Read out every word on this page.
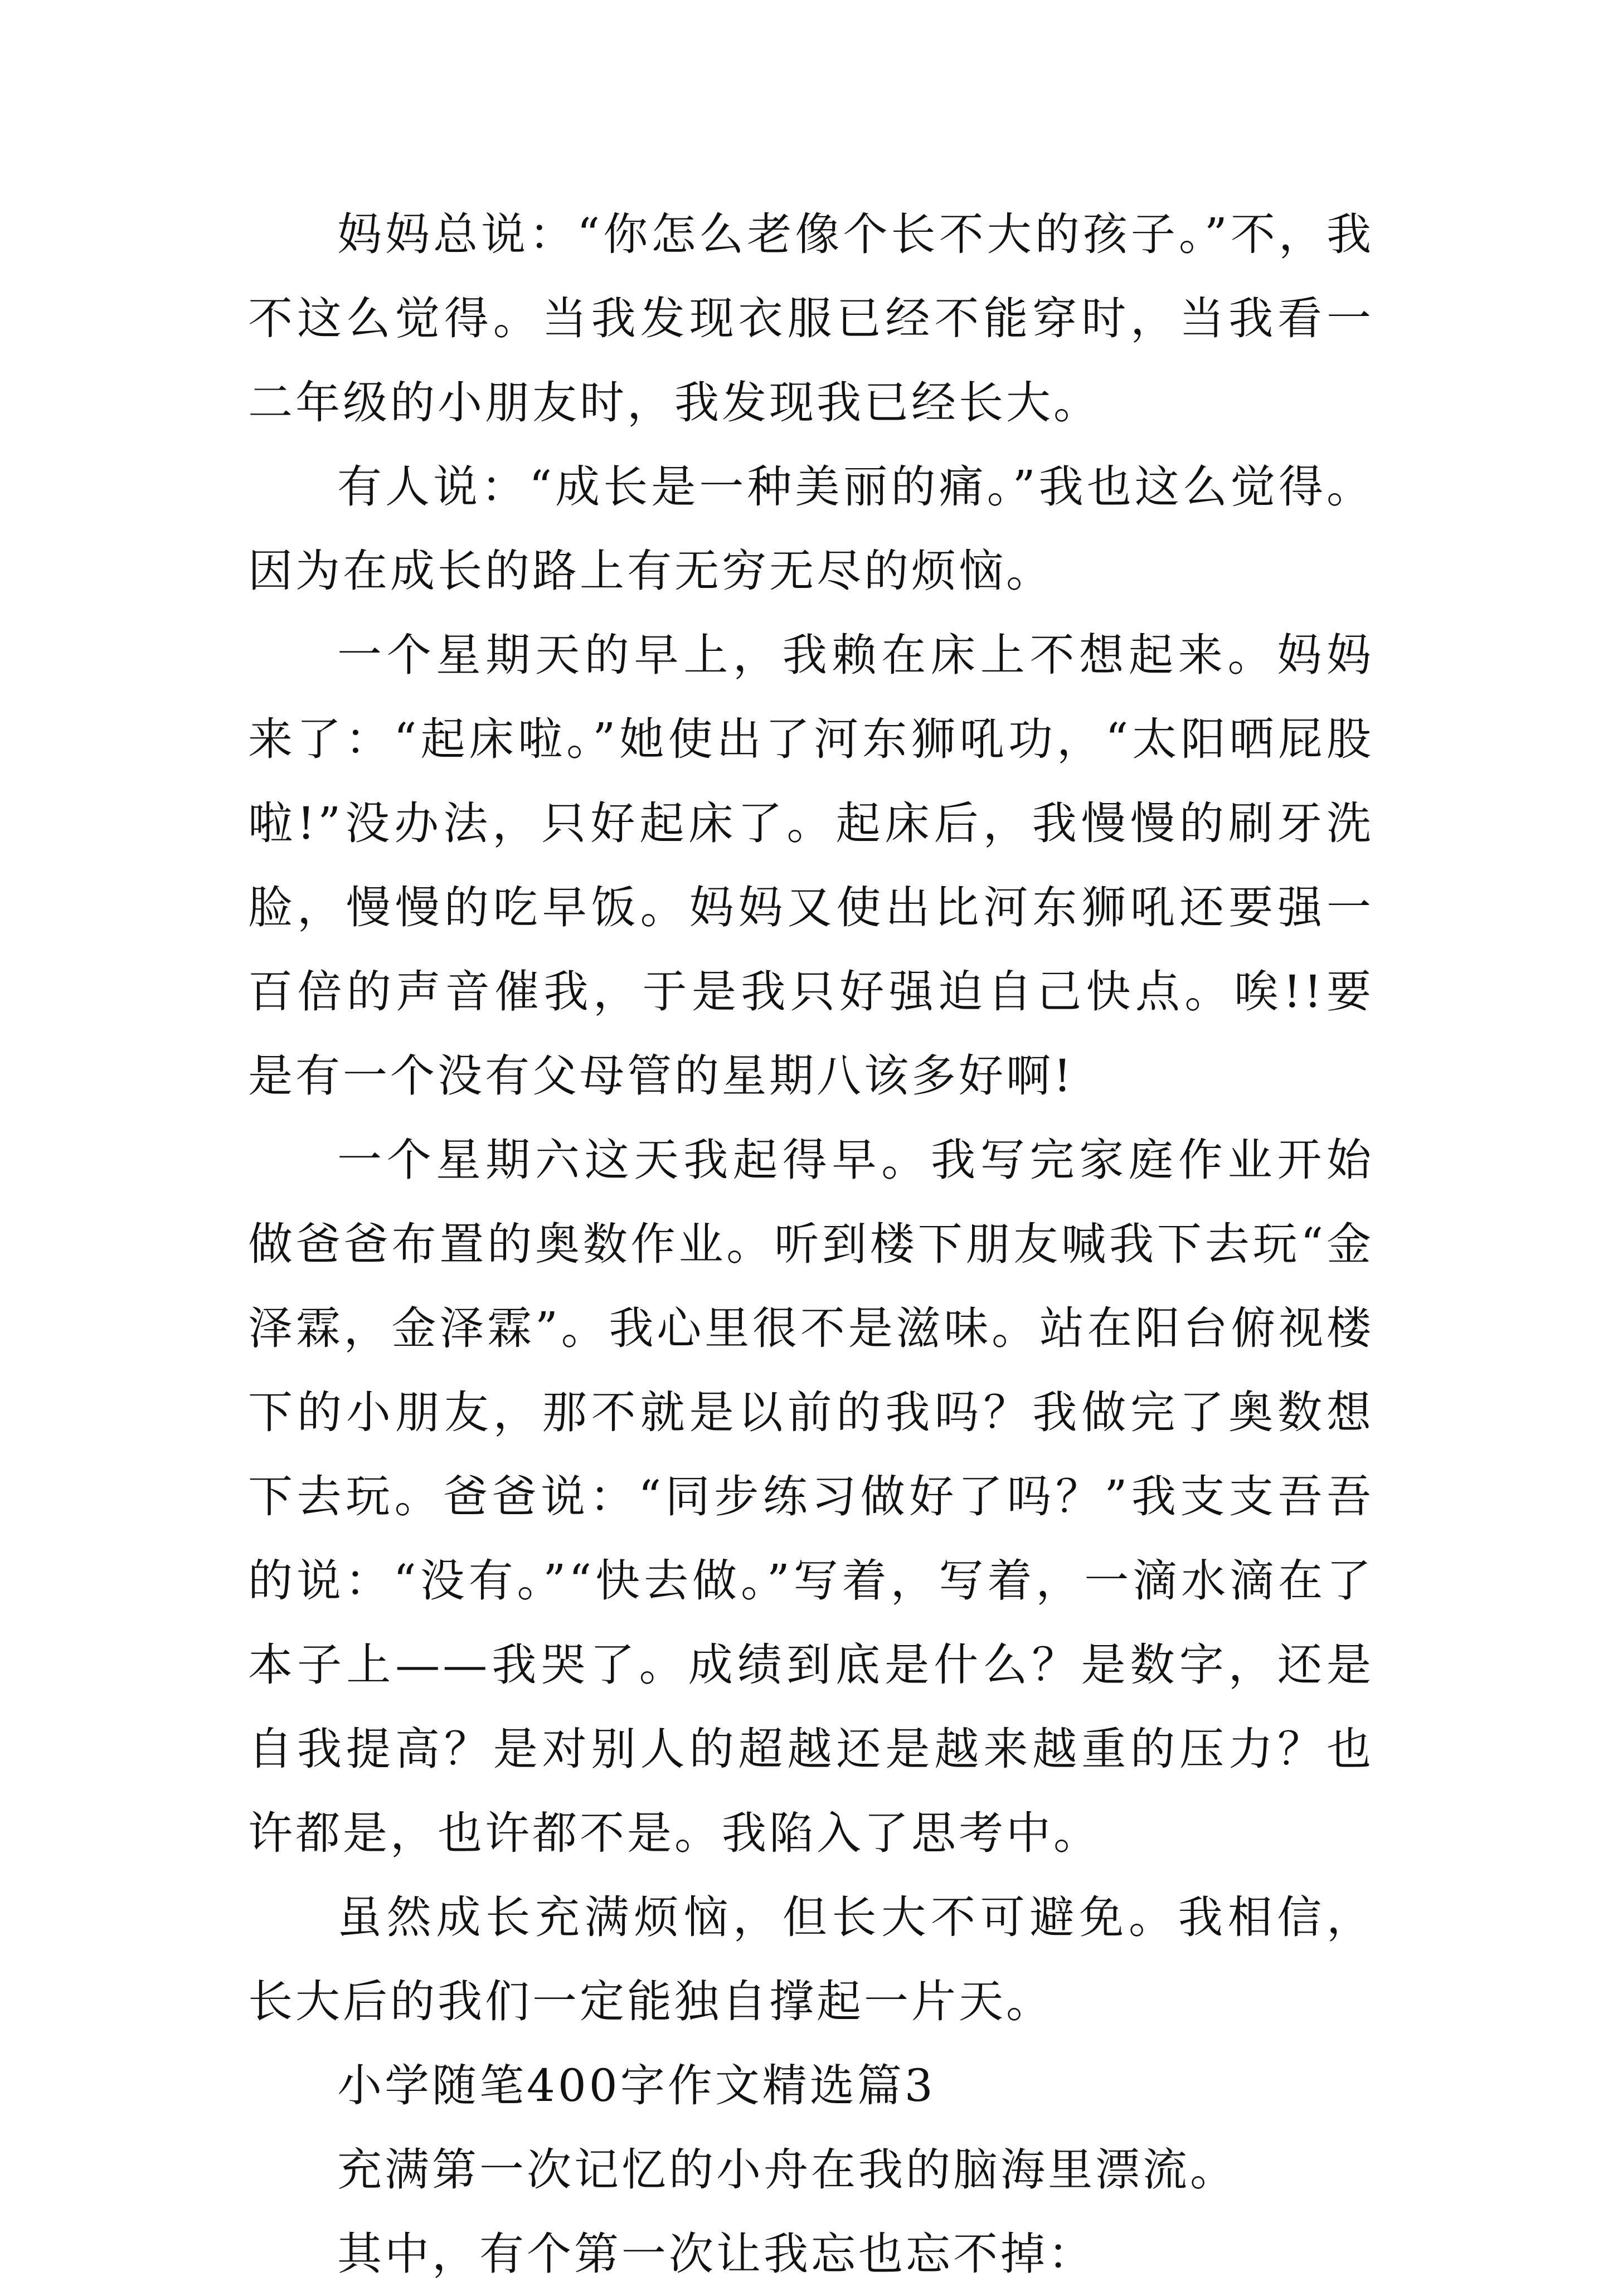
妈妈总说：“你怎么老像个长不大的孩子。”不，我不这么觉得。当我发现衣服已经不能穿时，当我看一二年级的小朋友时，我发现我已经长大。

有人说：“成长是一种美丽的痛。”我也这么觉得。因为在成长的路上有无穷无尽的烦恼。

一个星期天的早上，我赖在床上不想起来。妈妈来了：“起床啦。”她使出了河东狮吼功，“太阳晒屁股啦!”没办法，只好起床了。起床后，我慢慢的刷牙洗脸，慢慢的吃早饭。妈妈又使出比河东狮吼还要强一百倍的声音催我，于是我只好强迫自己快点。唉!!要是有一个没有父母管的星期八该多好啊!

一个星期六这天我起得早。我写完家庭作业开始做爸爸布置的奥数作业。听到楼下朋友喊我下去玩“金泽霖，金泽霖”。我心里很不是滋味。站在阳台俯视楼下的小朋友，那不就是以前的我吗？我做完了奥数想下去玩。爸爸说：“同步练习做好了吗？”我支支吾吾的说：“没有。”“快去做。”写着，写着，一滴水滴在了本子上——我哭了。成绩到底是什么？是数字，还是自我提高？是对别人的超越还是越来越重的压力？也许都是，也许都不是。我陷入了思考中。

虽然成长充满烦恼，但长大不可避免。我相信，长大后的我们一定能独自撑起一片天。

小学随笔400字作文精选篇3

充满第一次记忆的小舟在我的脑海里漂流。

其中，有个第一次让我忘也忘不掉：
